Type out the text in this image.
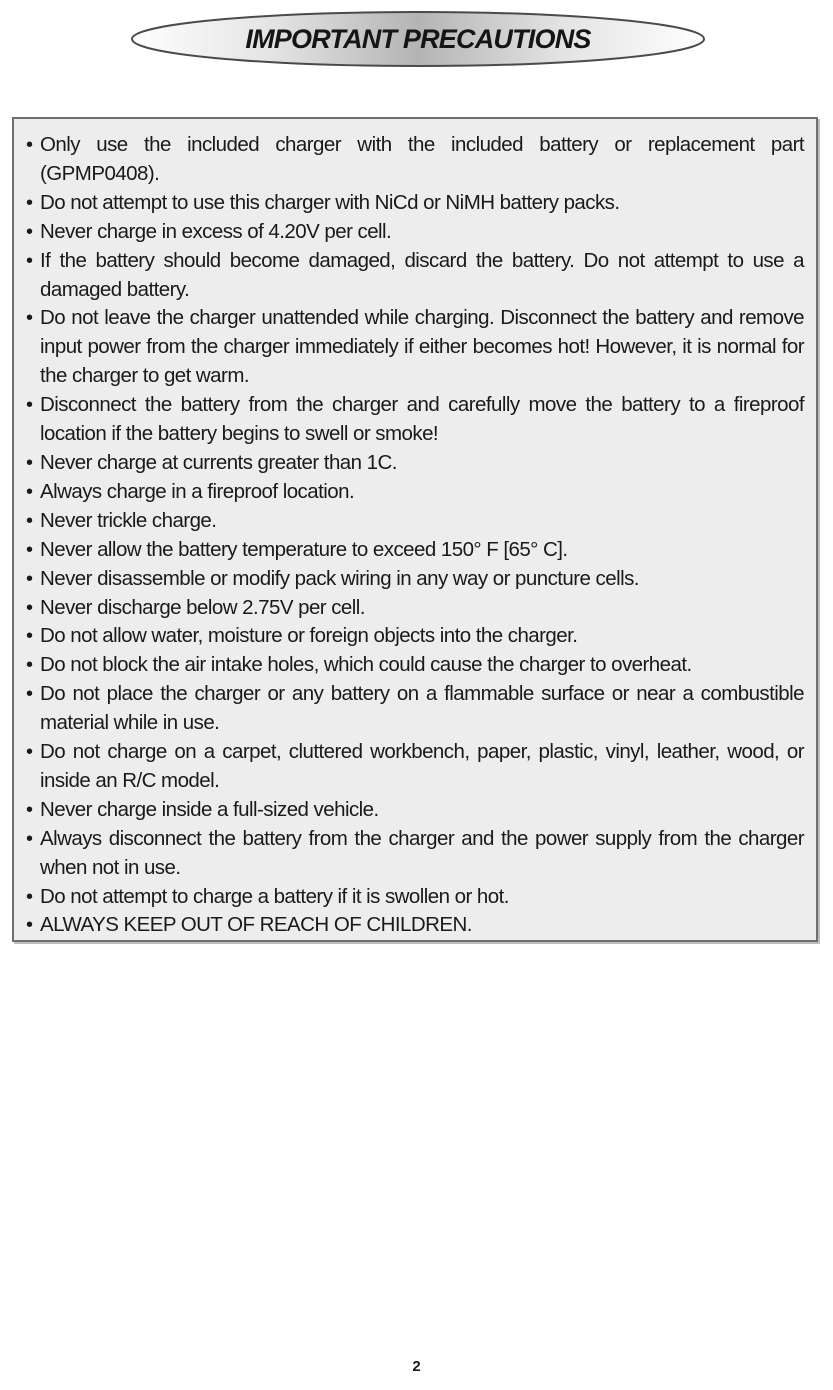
IMPORTANT PRECAUTIONS
• Only use the included charger with the included battery or replacement part (GPMP0408).
• Do not attempt to use this charger with NiCd or NiMH battery packs.
• Never charge in excess of 4.20V per cell.
• If the battery should become damaged, discard the battery. Do not attempt to use a damaged battery.
• Do not leave the charger unattended while charging. Disconnect the battery and remove input power from the charger immediately if either becomes hot! However, it is normal for the charger to get warm.
• Disconnect the battery from the charger and carefully move the battery to a fireproof location if the battery begins to swell or smoke!
• Never charge at currents greater than 1C.
• Always charge in a fireproof location.
• Never trickle charge.
• Never allow the battery temperature to exceed 150° F [65° C].
• Never disassemble or modify pack wiring in any way or puncture cells.
• Never discharge below 2.75V per cell.
• Do not allow water, moisture or foreign objects into the charger.
• Do not block the air intake holes, which could cause the charger to overheat.
• Do not place the charger or any battery on a flammable surface or near a combustible material while in use.
• Do not charge on a carpet, cluttered workbench, paper, plastic, vinyl, leather, wood, or inside an R/C model.
• Never charge inside a full-sized vehicle.
• Always disconnect the battery from the charger and the power supply from the charger when not in use.
• Do not attempt to charge a battery if it is swollen or hot.
• ALWAYS KEEP OUT OF REACH OF CHILDREN.
2
